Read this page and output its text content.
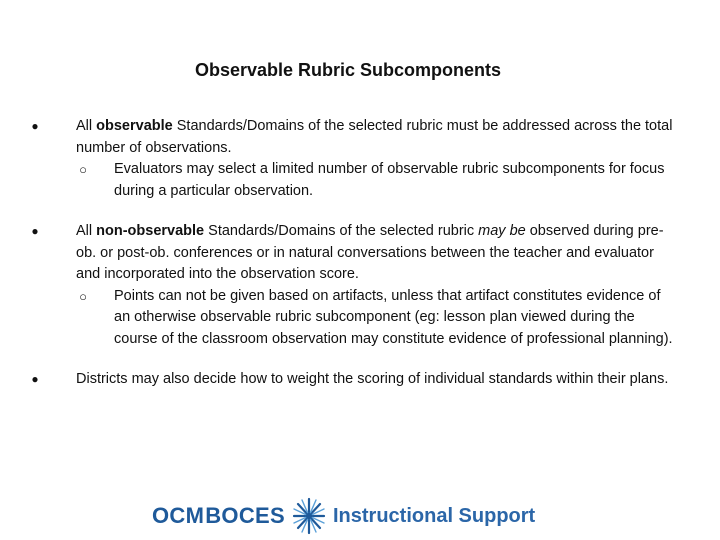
Observable Rubric Subcomponents
●	All observable Standards/Domains of the selected rubric must be addressed across the total number of observations.
○ Evaluators may select a limited number of observable rubric subcomponents for focus during a particular observation.
●	All non-observable Standards/Domains of the selected rubric may be observed during pre-ob. or post-ob. conferences or in natural conversations between the teacher and evaluator and incorporated into the observation score.
○ Points can not be given based on artifacts, unless that artifact constitutes evidence of an otherwise observable rubric subcomponent (eg: lesson plan viewed during the course of the classroom observation may constitute evidence of professional planning).
●	Districts may also decide how to weight the scoring of individual standards within their plans.
OCM BOCES Instructional Support
